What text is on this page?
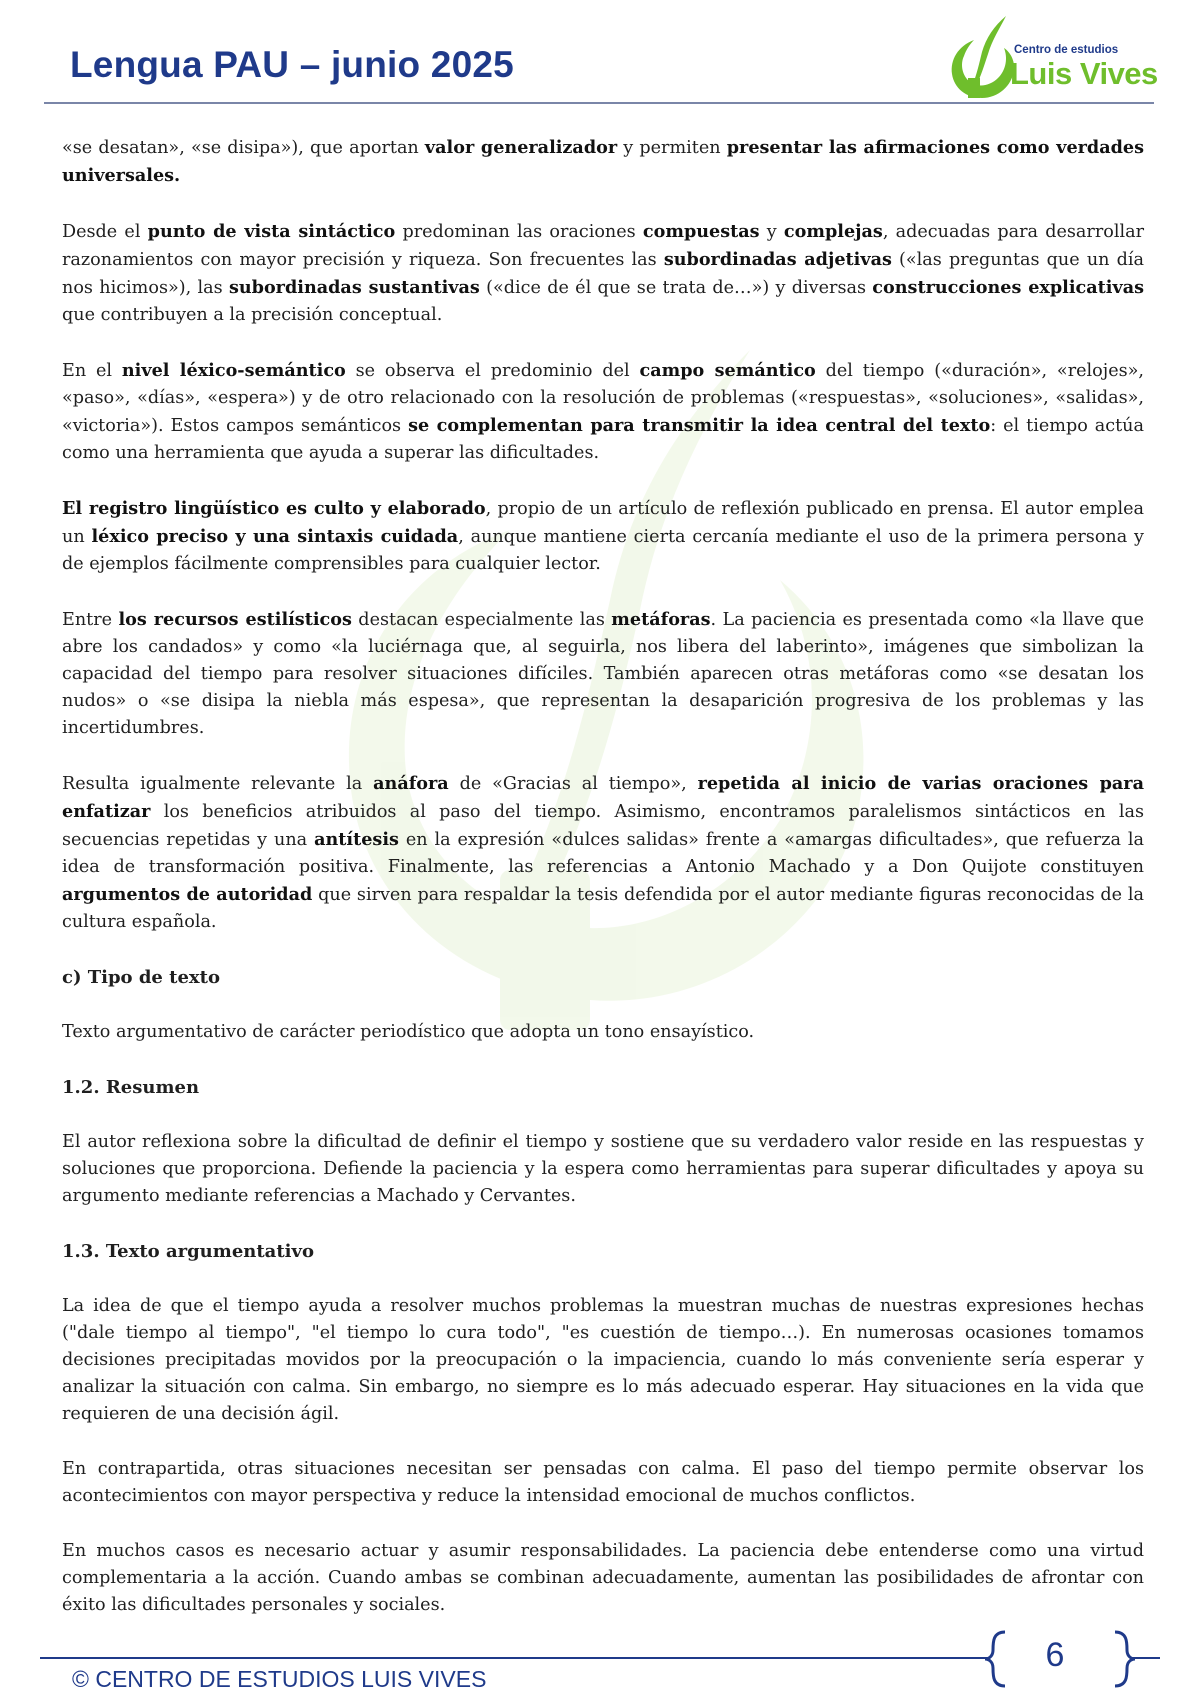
Lengua PAU – junio 2025	Centro de estudios
Luis Vives

«se desatan», «se disipa»), que aportan valor generalizador y permiten presentar las afirmaciones como verdades universales.

Desde el punto de vista sintáctico predominan las oraciones compuestas y complejas, adecuadas para desarrollar razonamientos con mayor precisión y riqueza. Son frecuentes las subordinadas adjetivas («las preguntas que un día nos hicimos»), las subordinadas sustantivas («dice de él que se trata de…») y diversas construcciones explicativas que contribuyen a la precisión conceptual.

En el nivel léxico-semántico se observa el predominio del campo semántico del tiempo («duración», «relojes», «paso», «días», «espera») y de otro relacionado con la resolución de problemas («respuestas», «soluciones», «salidas», «victoria»). Estos campos semánticos se complementan para transmitir la idea central del texto: el tiempo actúa como una herramienta que ayuda a superar las dificultades.

El registro lingüístico es culto y elaborado, propio de un artículo de reflexión publicado en prensa. El autor emplea un léxico preciso y una sintaxis cuidada, aunque mantiene cierta cercanía mediante el uso de la primera persona y de ejemplos fácilmente comprensibles para cualquier lector.

Entre los recursos estilísticos destacan especialmente las metáforas. La paciencia es presentada como «la llave que abre los candados» y como «la luciérnaga que, al seguirla, nos libera del laberinto», imágenes que simbolizan la capacidad del tiempo para resolver situaciones difíciles. También aparecen otras metáforas como «se desatan los nudos» o «se disipa la niebla más espesa», que representan la desaparición progresiva de los problemas y las incertidumbres.

Resulta igualmente relevante la anáfora de «Gracias al tiempo», repetida al inicio de varias oraciones para enfatizar los beneficios atribuidos al paso del tiempo. Asimismo, encontramos paralelismos sintácticos en las secuencias repetidas y una antítesis en la expresión «dulces salidas» frente a «amargas dificultades», que refuerza la idea de transformación positiva. Finalmente, las referencias a Antonio Machado y a Don Quijote constituyen argumentos de autoridad que sirven para respaldar la tesis defendida por el autor mediante figuras reconocidas de la cultura española.

c) Tipo de texto

Texto argumentativo de carácter periodístico que adopta un tono ensayístico.

1.2. Resumen

El autor reflexiona sobre la dificultad de definir el tiempo y sostiene que su verdadero valor reside en las respuestas y soluciones que proporciona. Defiende la paciencia y la espera como herramientas para superar dificultades y apoya su argumento mediante referencias a Machado y Cervantes.

1.3. Texto argumentativo

La idea de que el tiempo ayuda a resolver muchos problemas la muestran muchas de nuestras expresiones hechas ("dale tiempo al tiempo", "el tiempo lo cura todo", "es cuestión de tiempo…). En numerosas ocasiones tomamos decisiones precipitadas movidos por la preocupación o la impaciencia, cuando lo más conveniente sería esperar y analizar la situación con calma. Sin embargo, no siempre es lo más adecuado esperar. Hay situaciones en la vida que requieren de una decisión ágil.

En contrapartida, otras situaciones necesitan ser pensadas con calma. El paso del tiempo permite observar los acontecimientos con mayor perspectiva y reduce la intensidad emocional de muchos conflictos.

En muchos casos es necesario actuar y asumir responsabilidades. La paciencia debe entenderse como una virtud complementaria a la acción. Cuando ambas se combinan adecuadamente, aumentan las posibilidades de afrontar con éxito las dificultades personales y sociales.

© CENTRO DE ESTUDIOS LUIS VIVES
6
